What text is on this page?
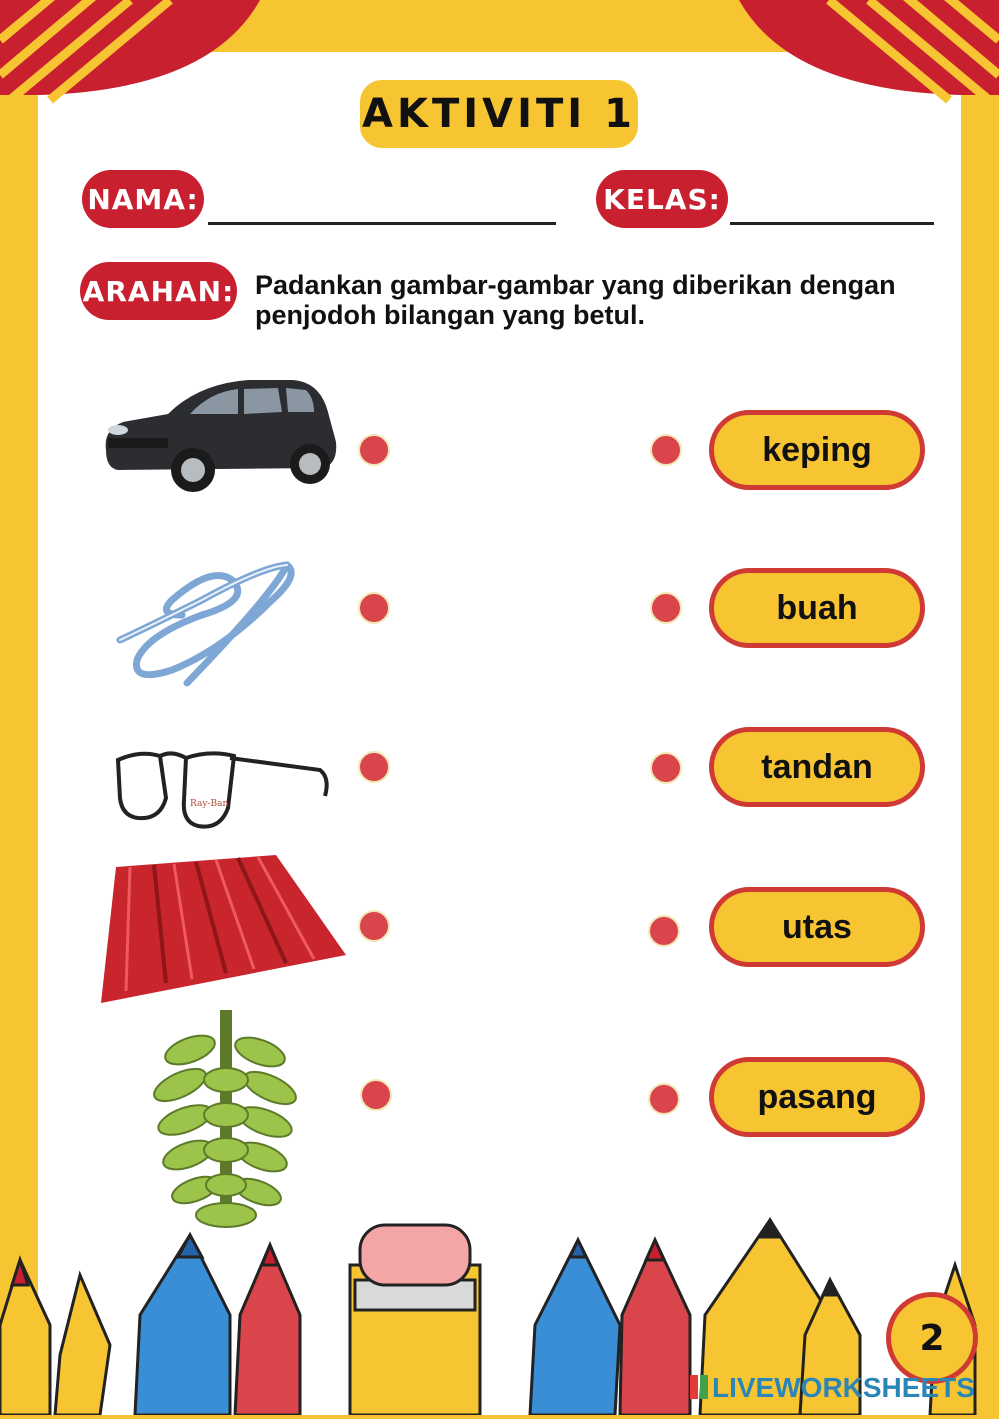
AKTIVITI 1
NAMA:	KELAS:
ARAHAN: Padankan gambar-gambar yang diberikan dengan penjodoh bilangan yang betul.
Ray-Ban
keping
buah
tandan
utas
pasang
2
LIVEWORKSHEETS
